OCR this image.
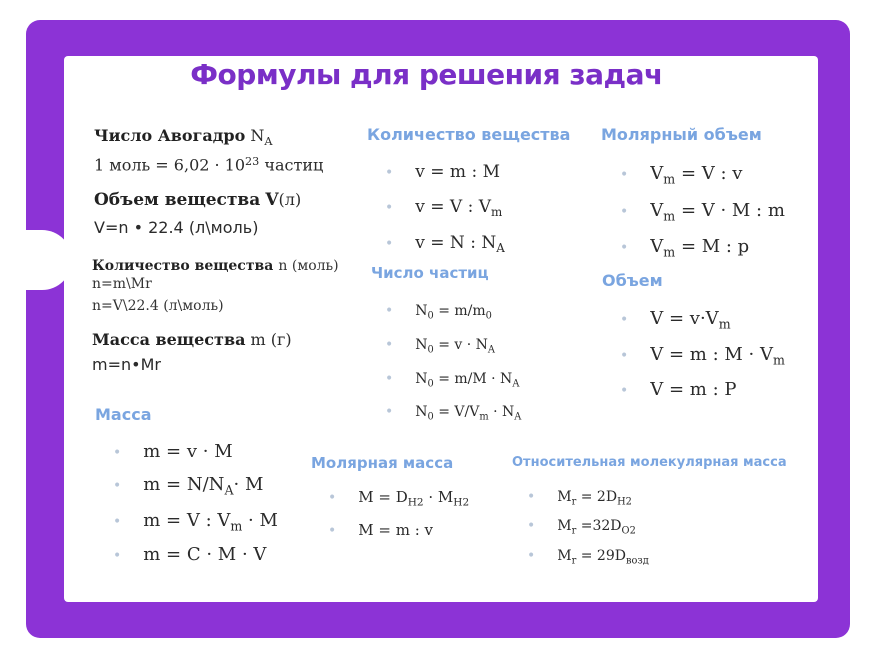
Формулы для решения задач
Число Авогадро $N_A$
1 моль = $6,02 \cdot 10^{23}$ частиц
Объем вещества V(л)
V=n • 22.4 (л\моль)
Количество вещества n (моль)
n=m\Mr
n=V\22.4 (л\моль)
Масса вещества m (г)
m=n•Mr
Количество вещества
• v = m : M
• v = V : $V_m$
• v = N : $N_A$
Молярный объем
• $V_m = V$ : v
• $V_m = V \cdot M$ : m
• $V_m = M$ : p
Число частиц
• $N_0 = m/m_0$
• $N_0 = v \cdot N_A$
• $N_0 = m/M \cdot N_A$
• $N_0 = V/V_m \cdot N_A$
Объем
• $V = v\cdot V_m$
• V = m : $M \cdot V_m$
• V = m : P
Масса
• m = v · M
• $m = N/N_A\cdot M$
• m = V : $V_m \cdot M$
• m = C · M · V
Молярная масса
• $M = D_{H2} \cdot M_{H2}$
• M = m : v
Относительная молекулярная масса
• $M_r = 2D_{H2}$
• $M_r =32D_{O2}$
• $M_r = 29D_{возд}$
